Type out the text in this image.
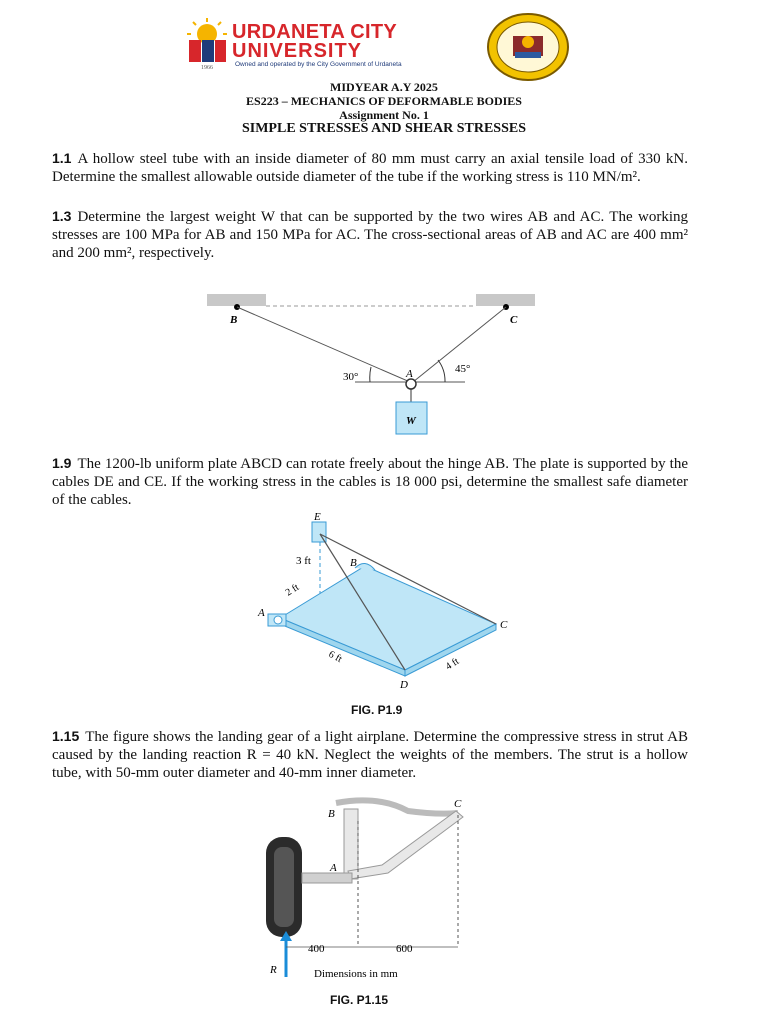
1966
URDANETA CITY
UNIVERSITY
Owned and operated by the City Government of Urdaneta
MIDYEAR A.Y 2025
ES223 – MECHANICS OF DEFORMABLE BODIES
Assignment No. 1
SIMPLE STRESSES AND SHEAR STRESSES
1.1 A hollow steel tube with an inside diameter of 80 mm must carry an axial tensile load of 330 kN. Determine the smallest allowable outside diameter of the tube if the working stress is 110 MN/m².
1.3 Determine the largest weight W that can be supported by the two wires AB and AC. The working stresses are 100 MPa for AB and 150 MPa for AC. The cross-sectional areas of AB and AC are 400 mm² and 200 mm², respectively.
B	C
A
W
30°
45°
1.9 The 1200-lb uniform plate ABCD can rotate freely about the hinge AB. The plate is supported by the cables DE and CE. If the working stress in the cables is 18 000 psi, determine the smallest safe diameter of the cables.
E
B
A
C
D
3 ft
2 ft
6 ft	4 ft
FIG. P1.9
1.15 The figure shows the landing gear of a light airplane. Determine the compressive stress in strut AB caused by the landing reaction R = 40 kN. Neglect the weights of the members. The strut is a hollow tube, with 50-mm outer diameter and 40-mm inner diameter.
B
C
A
R
400	600
Dimensions in mm
FIG. P1.15
